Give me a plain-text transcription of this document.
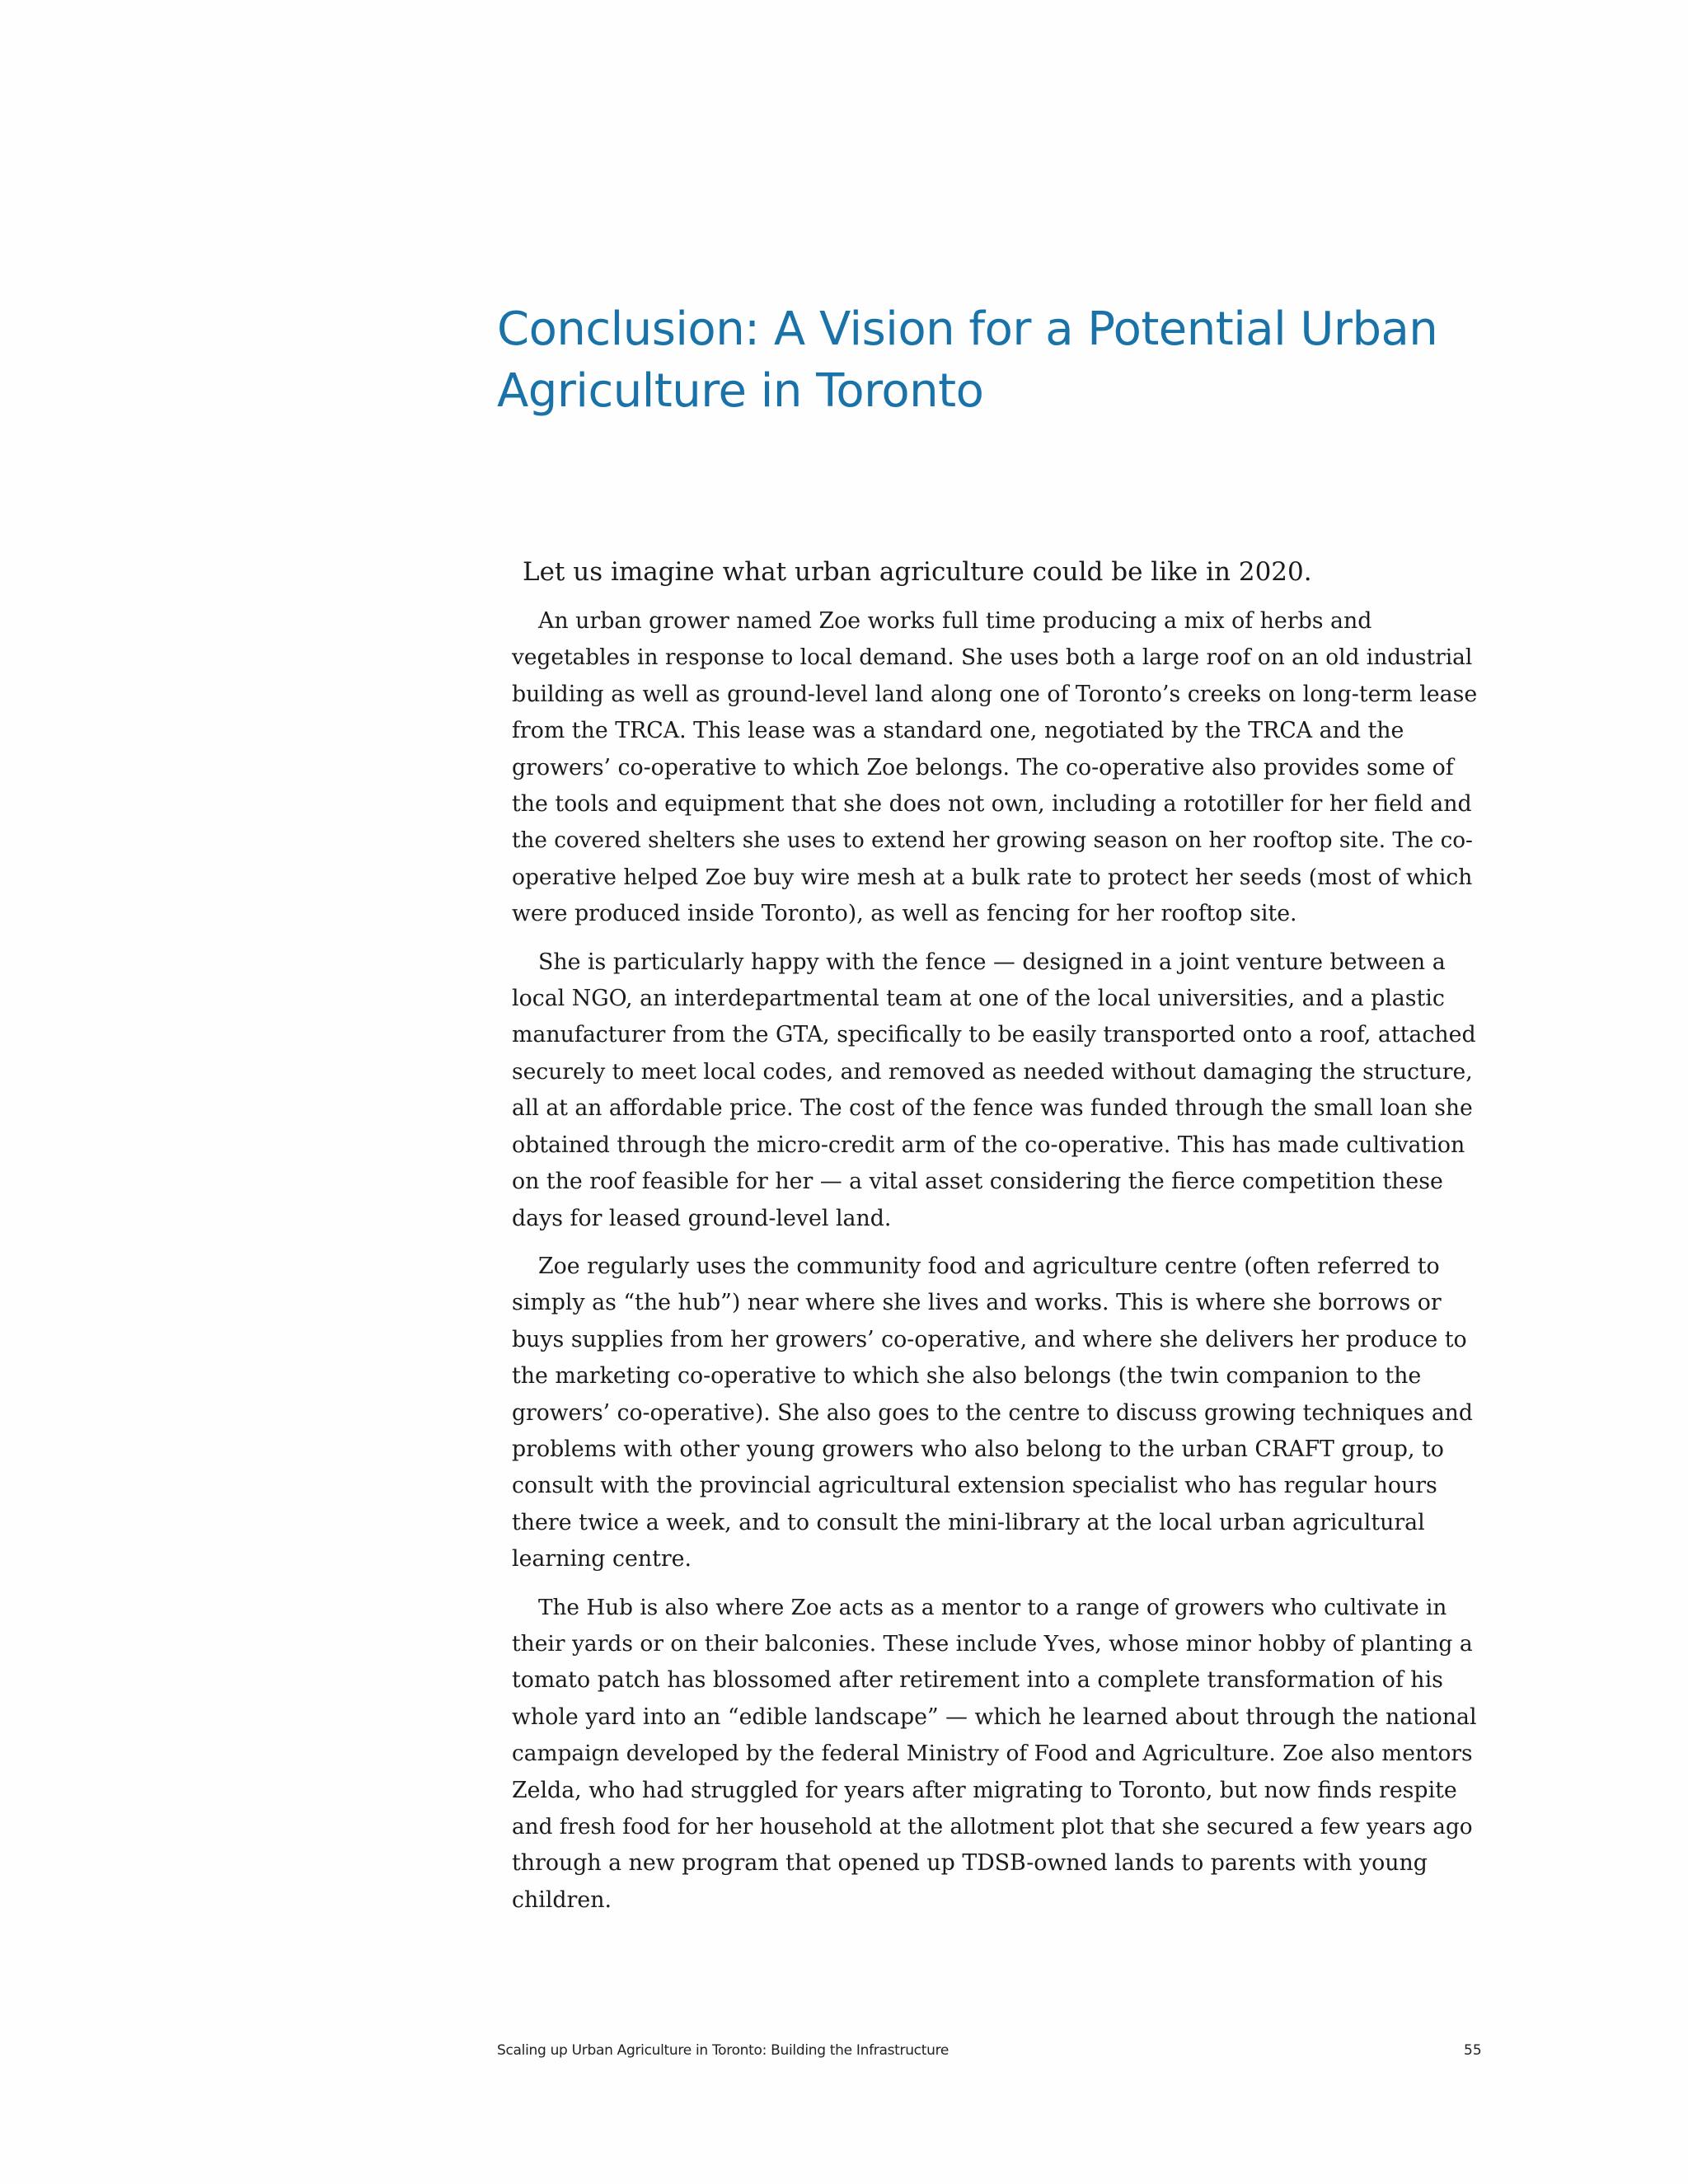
Conclusion: A Vision for a Potential Urban
Agriculture in Toronto

Let us imagine what urban agriculture could be like in 2020.

An urban grower named Zoe works full time producing a mix of herbs and
vegetables in response to local demand. She uses both a large roof on an old industrial
building as well as ground-level land along one of Toronto’s creeks on long-term lease
from the TRCA. This lease was a standard one, negotiated by the TRCA and the
growers’ co-operative to which Zoe belongs. The co-operative also provides some of
the tools and equipment that she does not own, including a rototiller for her field and
the covered shelters she uses to extend her growing season on her rooftop site. The co-
operative helped Zoe buy wire mesh at a bulk rate to protect her seeds (most of which
were produced inside Toronto), as well as fencing for her rooftop site.

She is particularly happy with the fence — designed in a joint venture between a
local NGO, an interdepartmental team at one of the local universities, and a plastic
manufacturer from the GTA, specifically to be easily transported onto a roof, attached
securely to meet local codes, and removed as needed without damaging the structure,
all at an affordable price. The cost of the fence was funded through the small loan she
obtained through the micro-credit arm of the co-operative. This has made cultivation
on the roof feasible for her — a vital asset considering the fierce competition these
days for leased ground-level land.

Zoe regularly uses the community food and agriculture centre (often referred to
simply as “the hub”) near where she lives and works. This is where she borrows or
buys supplies from her growers’ co-operative, and where she delivers her produce to
the marketing co-operative to which she also belongs (the twin companion to the
growers’ co-operative). She also goes to the centre to discuss growing techniques and
problems with other young growers who also belong to the urban CRAFT group, to
consult with the provincial agricultural extension specialist who has regular hours
there twice a week, and to consult the mini-library at the local urban agricultural
learning centre.

The Hub is also where Zoe acts as a mentor to a range of growers who cultivate in
their yards or on their balconies. These include Yves, whose minor hobby of planting a
tomato patch has blossomed after retirement into a complete transformation of his
whole yard into an “edible landscape” — which he learned about through the national
campaign developed by the federal Ministry of Food and Agriculture. Zoe also mentors
Zelda, who had struggled for years after migrating to Toronto, but now finds respite
and fresh food for her household at the allotment plot that she secured a few years ago
through a new program that opened up TDSB-owned lands to parents with young
children.

Scaling up Urban Agriculture in Toronto: Building the Infrastructure	55
